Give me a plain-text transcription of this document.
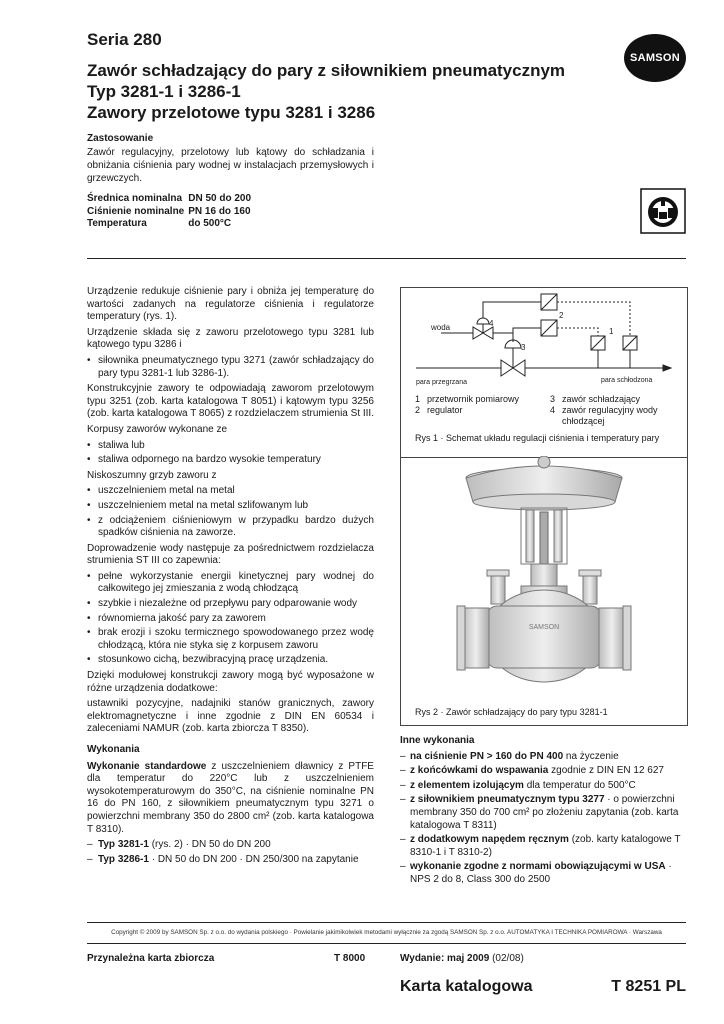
Seria 280
Zawór schładzający do pary z siłownikiem pneumatycznym
Typ 3281-1 i 3286-1
Zawory przelotowe typu 3281 i 3286
SAMSON
Zastosowanie
Zawór regulacyjny, przelotowy lub kątowy do schładzania i obniżania ciśnienia pary wodnej w instalacjach przemysłowych i grzewczych.
Średnica nominalna	DN 50 do 200
Ciśnienie nominalne	PN 16 do 160
Temperatura	do 500°C

Urządzenie redukuje ciśnienie pary i obniża jej temperaturę do wartości zadanych na regulatorze ciśnienia i regulatorze temperatury (rys. 1).

Urządzenie składa się z zaworu przelotowego typu 3281 lub kątowego typu 3286 i

• siłownika pneumatycznego typu 3271 (zawór schładzający do pary typu 3281-1 lub 3286-1).

Konstrukcyjnie zawory te odpowiadają zaworom przelotowym typu 3251 (zob. karta katalogowa T 8051) i kątowym typu 3256 (zob. karta katalogowa T 8065) z rozdzielaczem strumienia St III.

Korpusy zaworów wykonane ze

• staliwa lub
• staliwa odpornego na bardzo wysokie temperatury

Niskoszumny grzyb zaworu z

• uszczelnieniem metal na metal
• uszczelnieniem metal na metal szlifowanym lub
• z odciążeniem ciśnieniowym w przypadku bardzo dużych spadków ciśnienia na zaworze.

Doprowadzenie wody następuje za pośrednictwem rozdzielacza strumienia ST III co zapewnia:

• pełne wykorzystanie energii kinetycznej pary wodnej do całkowitego jej zmieszania z wodą chłodzącą
• szybkie i niezależne od przepływu pary odparowanie wody
• równomierna jakość pary za zaworem
• brak erozji i szoku termicznego spowodowanego przez wodę chłodzącą, która nie styka się z korpusem zaworu
• stosunkowo cichą, bezwibracyjną pracę urządzenia.

Dzięki modułowej konstrukcji zawory mogą być wyposażone w różne urządzenia dodatkowe:

ustawniki pozycyjne, nadajniki stanów granicznych, zawory elektromagnetyczne i inne zgodnie z DIN EN 60534 i zaleceniami NAMUR (zob. karta zbiorcza T 8350).

Wykonania

Wykonanie standardowe z uszczelnieniem dławnicy z PTFE dla temperatur do 220°C lub z uszczelnieniem wysokotemperaturowym do 350°C, na ciśnienie nominalne PN 16 do PN 160, z siłownikiem pneumatycznym typu 3271 o powierzchni membrany 350 do 2800 cm² (zob. karta katalogowa T 8310).

– Typ 3281-1 (rys. 2) · DN 50 do DN 200
– Typ 3286-1 · DN 50 do DN 200 · DN 250/300 na zapytanie
woda	4
3
2
1
para przegrzana	para schłodzona
1 przetwornik pomiarowy	3 zawór schładzający
2 regulator	4 zawór regulacyjny wody chłodzącej
Rys 1 · Schemat układu regulacji ciśnienia i temperatury pary
SAMSON
Rys 2 · Zawór schładzający do pary typu 3281-1
Inne wykonania
– na ciśnienie PN > 160 do PN 400 na życzenie
– z końcówkami do wspawania zgodnie z DIN EN 12 627
– z elementem izolującym dla temperatur do 500°C
– z siłownikiem pneumatycznym typu 3277 · o powierzchni membrany 350 do 700 cm² po złożeniu zapytania (zob. karta katalogowa T 8311)
– z dodatkowym napędem ręcznym (zob. karty katalogowe T 8310-1 i T 8310-2)
– wykonanie zgodne z normami obowiązującymi w USA · NPS 2 do 8, Class 300 do 2500
Copyright © 2009 by SAMSON Sp. z o.o. do wydania polskiego · Powielanie jakimikolwiek metodami wyłącznie za zgodą SAMSON Sp. z o.o. AUTOMATYKA I TECHNIKA POMIAROWA · Warszawa
Przynależna karta zbiorcza	T 8000	Wydanie: maj 2009 (02/08)
Karta katalogowa	T 8251 PL
